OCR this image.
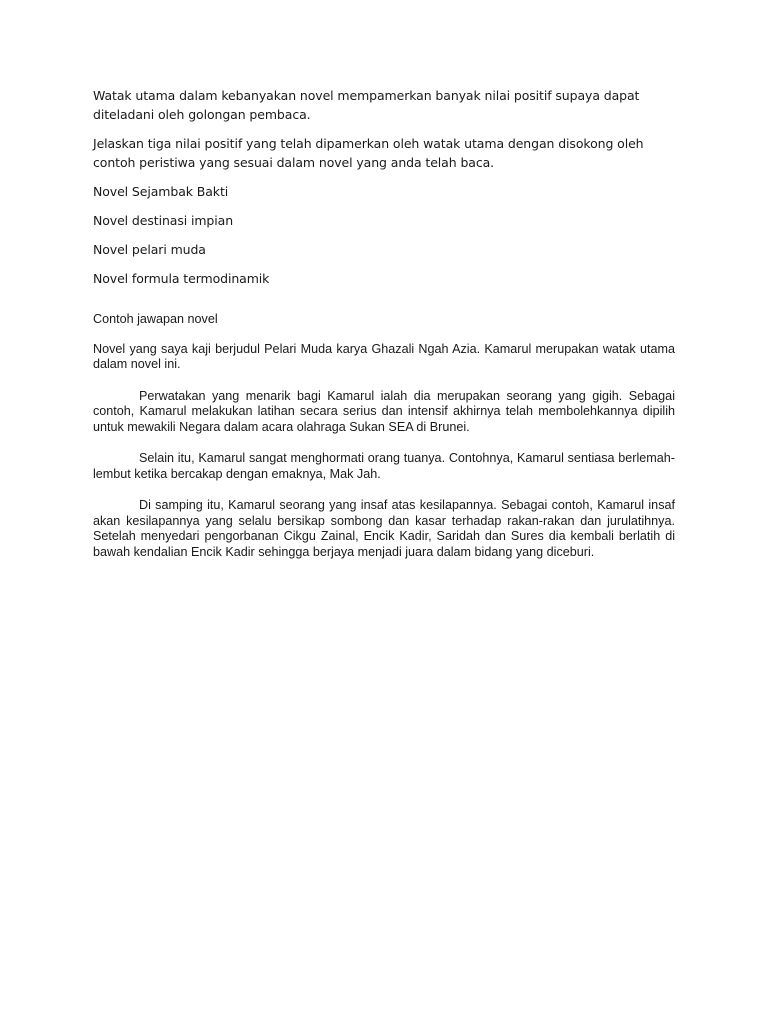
Watak utama dalam kebanyakan novel mempamerkan banyak nilai positif supaya dapat diteladani oleh golongan pembaca.

Jelaskan tiga nilai positif yang telah dipamerkan oleh watak utama dengan disokong oleh contoh peristiwa yang sesuai dalam novel yang anda telah baca.

Novel Sejambak Bakti

Novel destinasi impian

Novel pelari muda

Novel formula termodinamik

Contoh jawapan novel

Novel yang saya kaji berjudul Pelari Muda karya Ghazali Ngah Azia. Kamarul merupakan watak utama dalam novel ini.

Perwatakan yang menarik bagi Kamarul ialah dia merupakan seorang yang gigih. Sebagai contoh, Kamarul melakukan latihan secara serius dan intensif akhirnya telah membolehkannya dipilih untuk mewakili Negara dalam acara olahraga Sukan SEA di Brunei.

Selain itu, Kamarul sangat menghormati orang tuanya. Contohnya, Kamarul sentiasa berlemah-lembut ketika bercakap dengan emaknya, Mak Jah.

Di samping itu, Kamarul seorang yang insaf atas kesilapannya. Sebagai contoh, Kamarul insaf akan kesilapannya yang selalu bersikap sombong dan kasar terhadap rakan-rakan dan jurulatihnya. Setelah menyedari pengorbanan Cikgu Zainal, Encik Kadir, Saridah dan Sures dia kembali berlatih di bawah kendalian Encik Kadir sehingga berjaya menjadi juara dalam bidang yang diceburi.
